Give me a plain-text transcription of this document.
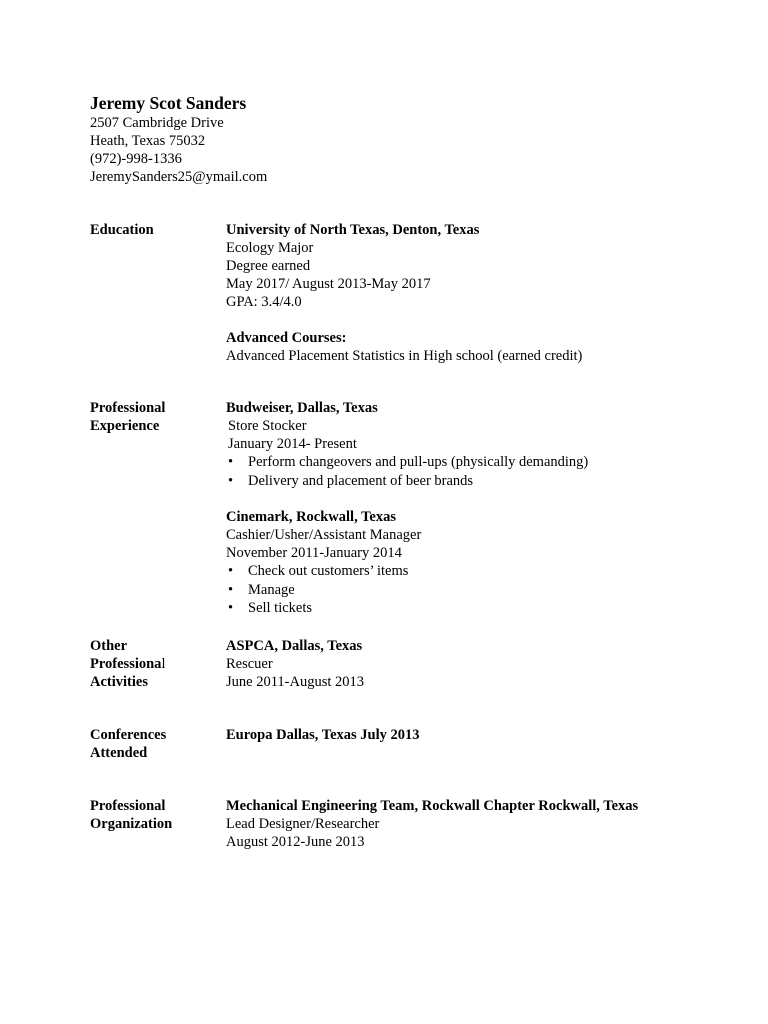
Jeremy Scot Sanders
2507 Cambridge Drive
Heath, Texas 75032
(972)-998-1336
JeremySanders25@ymail.com
Education	University of North Texas, Denton, Texas
Ecology Major
Degree earned
May 2017/ August 2013-May 2017
GPA: 3.4/4.0
Advanced Courses:
Advanced Placement Statistics in High school (earned credit)
Professional
Experience
Budweiser, Dallas, Texas
Store Stocker
January 2014- Present
• Perform changeovers and pull-ups (physically demanding)
• Delivery and placement of beer brands
Cinemark, Rockwall, Texas
Cashier/Usher/Assistant Manager
November 2011-January 2014
• Check out customers’ items
• Manage
• Sell tickets
Other
Professional
Activities
ASPCA, Dallas, Texas
Rescuer
June 2011-August 2013
Conferences
Attended
Europa Dallas, Texas July 2013
Professional
Organization
Mechanical Engineering Team, Rockwall Chapter Rockwall, Texas
Lead Designer/Researcher
August 2012-June 2013
